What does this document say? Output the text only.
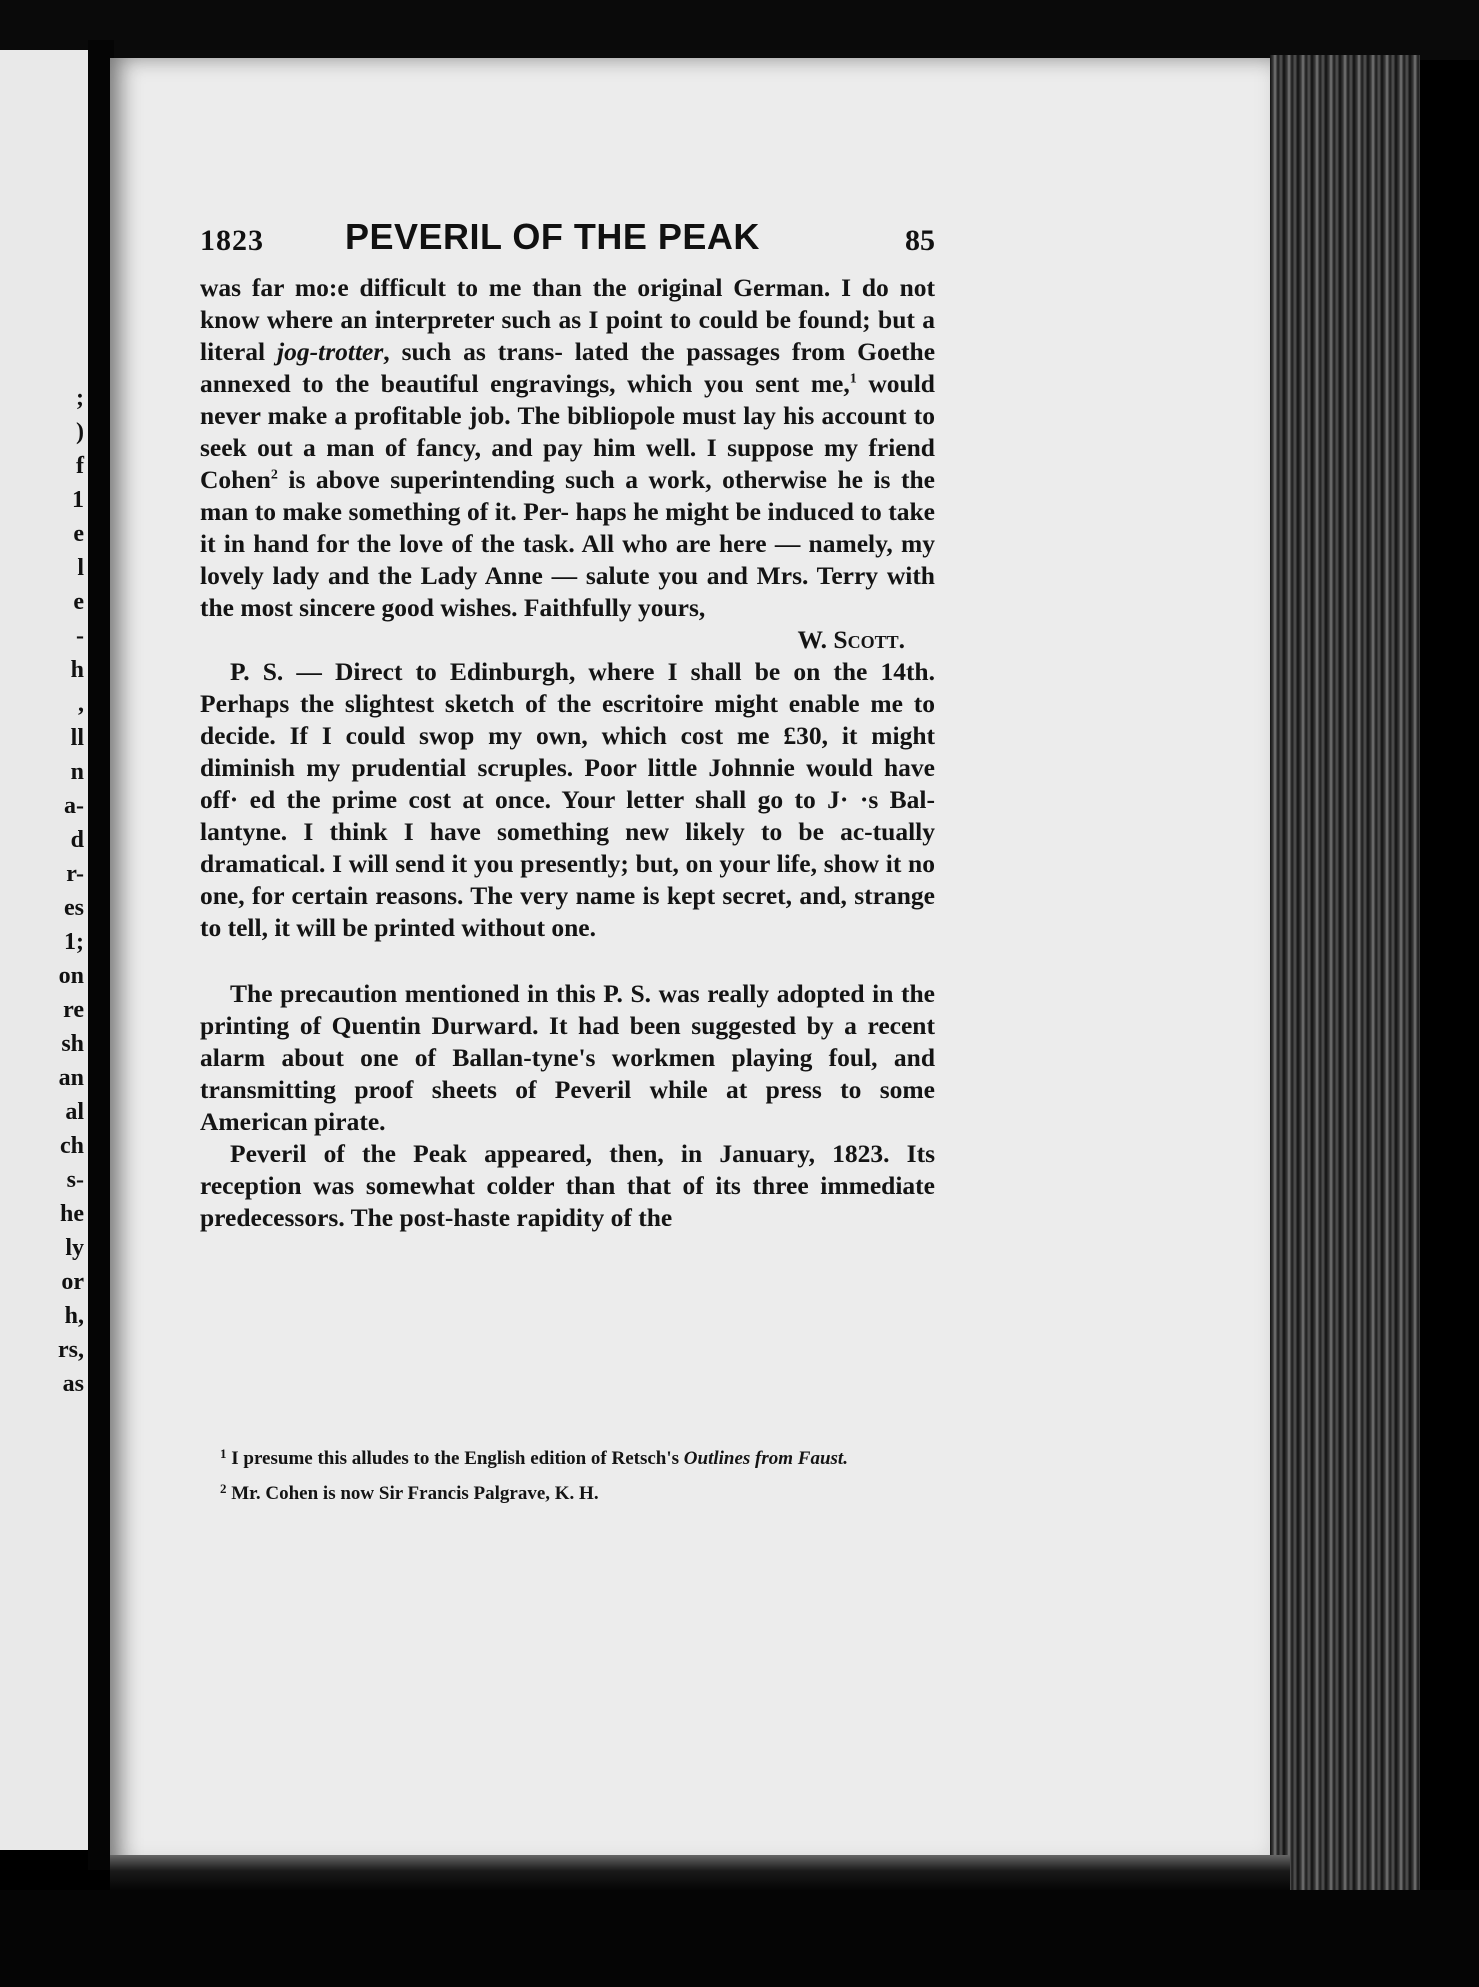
;
)
f
1
e
l
e
-
h
,
ll
n
a-
d
r-
es
1;
on
re
sh
an
al
ch
s-
he
ly
or
h,
rs,
as
1823 PEVERIL OF THE PEAK	85

was far mo:e difficult to me than the original German. I do not know where an interpreter such as I point to could be found; but a literal jog-trotter, such as trans- lated the passages from Goethe annexed to the beautiful engravings, which you sent me,$^1$ would never make a profitable job. The bibliopole must lay his account to seek out a man of fancy, and pay him well. I suppose my friend Cohen$^2$ is above superintending such a work, otherwise he is the man to make something of it. Per- haps he might be induced to take it in hand for the love of the task. All who are here — namely, my lovely lady and the Lady Anne — salute you and Mrs. Terry with the most sincere good wishes. Faithfully yours,

W. Scott.

P. S. — Direct to Edinburgh, where I shall be on the 14th. Perhaps the slightest sketch of the escritoire might enable me to decide. If I could swop my own, which cost me £30, it might diminish my prudential scruples. Poor little Johnnie would have off· ed the prime cost at once. Your letter shall go to J· ·s Bal-lantyne. I think I have something new likely to be ac-tually dramatical. I will send it you presently; but, on your life, show it no one, for certain reasons. The very name is kept secret, and, strange to tell, it will be printed without one.

The precaution mentioned in this P. S. was really adopted in the printing of Quentin Durward. It had been suggested by a recent alarm about one of Ballan-tyne's workmen playing foul, and transmitting proof sheets of Peveril while at press to some American pirate.

Peveril of the Peak appeared, then, in January, 1823. Its reception was somewhat colder than that of its three immediate predecessors. The post-haste rapidity of the

$^1$ I presume this alludes to the English edition of Retsch's Outlines from Faust.

$^2$ Mr. Cohen is now Sir Francis Palgrave, K. H.
